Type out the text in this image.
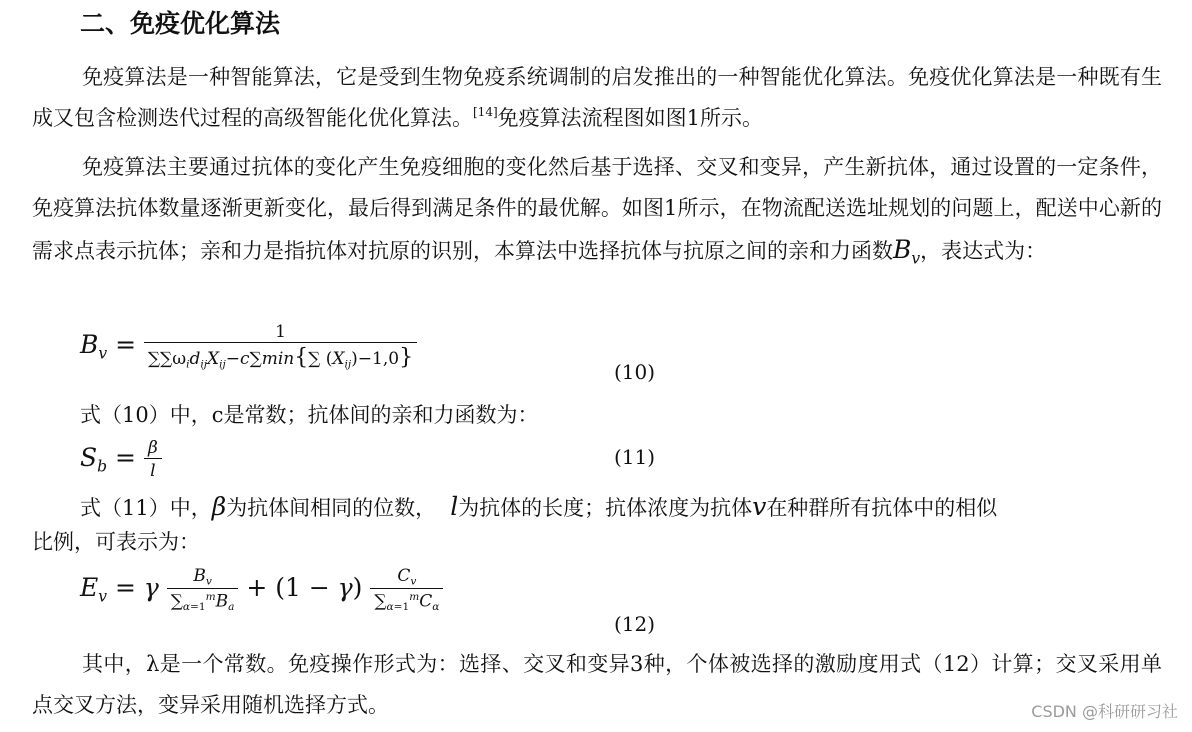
二、免疫优化算法

免疫算法是一种智能算法，它是受到生物免疫系统调制的启发推出的一种智能优化算法。免疫优化算法是一种既有生成又包含检测迭代过程的高级智能化优化算法。[14]免疫算法流程图如图1所示。

免疫算法主要通过抗体的变化产生免疫细胞的变化然后基于选择、交叉和变异，产生新抗体，通过设置的一定条件，免疫算法抗体数量逐渐更新变化，最后得到满足条件的最优解。如图1所示，在物流配送选址规划的问题上，配送中心新的需求点表示抗体；亲和力是指抗体对抗原的识别，本算法中选择抗体与抗原之间的亲和力函数$B_v$，表达式为：

$B_v = \frac{1}{\sum\sum\omega_id_{ij}X_{ij}-c\sum\min\{\sum (X_{ij})-1,0\}}$
(10)
式（10）中，c是常数；抗体间的亲和力函数为：
$S_b = \frac{\beta}{l}$	(11)
式（11）中，β为抗体间相同的位数， l为抗体的长度；抗体浓度为抗体v在种群所有抗体中的相似
比例，可表示为：
$E_v = \gamma \frac{B_v}{\sum_{\alpha=1}^mB_a} + (1 - \gamma) \frac{C_v}{\sum_{\alpha=1}^mC_\alpha}$
(12)

其中，λ是一个常数。免疫操作形式为：选择、交叉和变异3种，个体被选择的激励度用式（12）计算；交叉采用单点交叉方法，变异采用随机选择方式。	CSDN @科研研习社
